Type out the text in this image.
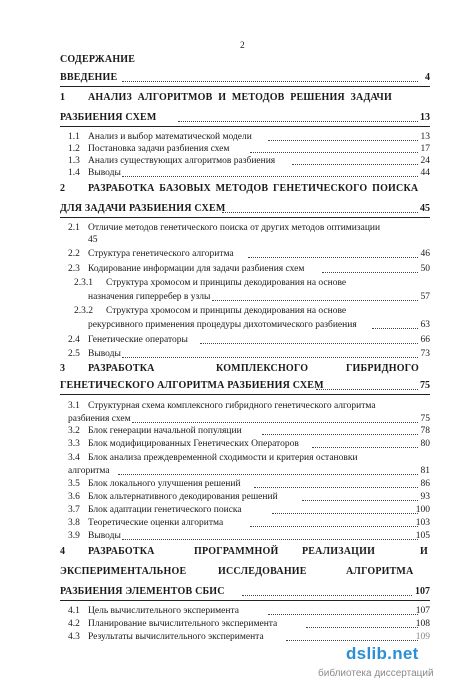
2
СОДЕРЖАНИЕ
ВВЕДЕНИЕ	4
1 АНАЛИЗ АЛГОРИТМОВ И МЕТОДОВ РЕШЕНИЯ ЗАДАЧИ
РАЗБИЕНИЯ СХЕМ	13
1.1 Анализ и выбор математической модели	13
1.2 Постановка задачи разбиения схем	17
1.3 Анализ существующих алгоритмов разбиения	24
1.4 Выводы	44
2 РАЗРАБОТКА БАЗОВЫХ МЕТОДОВ ГЕНЕТИЧЕСКОГО ПОИСКА
ДЛЯ ЗАДАЧИ РАЗБИЕНИЯ СХЕМ	45
2.1 Отличие методов генетического поиска от других методов оптимизации
45
2.2 Структура генетического алгоритма	46
2.3 Кодирование информации для задачи разбиения схем	50
2.3.1 Структура хромосом и принципы декодирования на основе
назначения гиперребер в узлы	57
2.3.2 Структура хромосом и принципы декодирования на основе
рекурсивного применения процедуры дихотомического разбиения	63
2.4 Генетические операторы	66
2.5 Выводы	73
3 РАЗРАБОТКА	КОМПЛЕКСНОГО	ГИБРИДНОГО
ГЕНЕТИЧЕСКОГО АЛГОРИТМА РАЗБИЕНИЯ СХЕМ	75
3.1 Структурная схема комплексного гибридного генетического алгоритма
разбиения схем	75
3.2 Блок генерации начальной популяции	78
3.3 Блок модифицированных Генетических Операторов	80
3.4 Блок анализа преждевременной сходимости и критерия остановки
алгоритма	81
3.5 Блок локального улучшения решений	86
3.6 Блок альтернативного декодирования решений	93
3.7 Блок адаптации генетического поиска	100
3.8 Теоретические оценки алгоритма	103
3.9 Выводы	105
4 РАЗРАБОТКА	ПРОГРАММНОЙ РЕАЛИЗАЦИИ	И
ЭКСПЕРИМЕНТАЛЬНОЕ	ИССЛЕДОВАНИЕ	АЛГОРИТМА
РАЗБИЕНИЯ ЭЛЕМЕНТОВ СБИС	107
4.1 Цель вычислительного эксперимента	107
4.2 Планирование вычислительного эксперимента	108
4.3 Результаты вычислительного эксперимента	109
dslib.net
библиотека диссертаций
